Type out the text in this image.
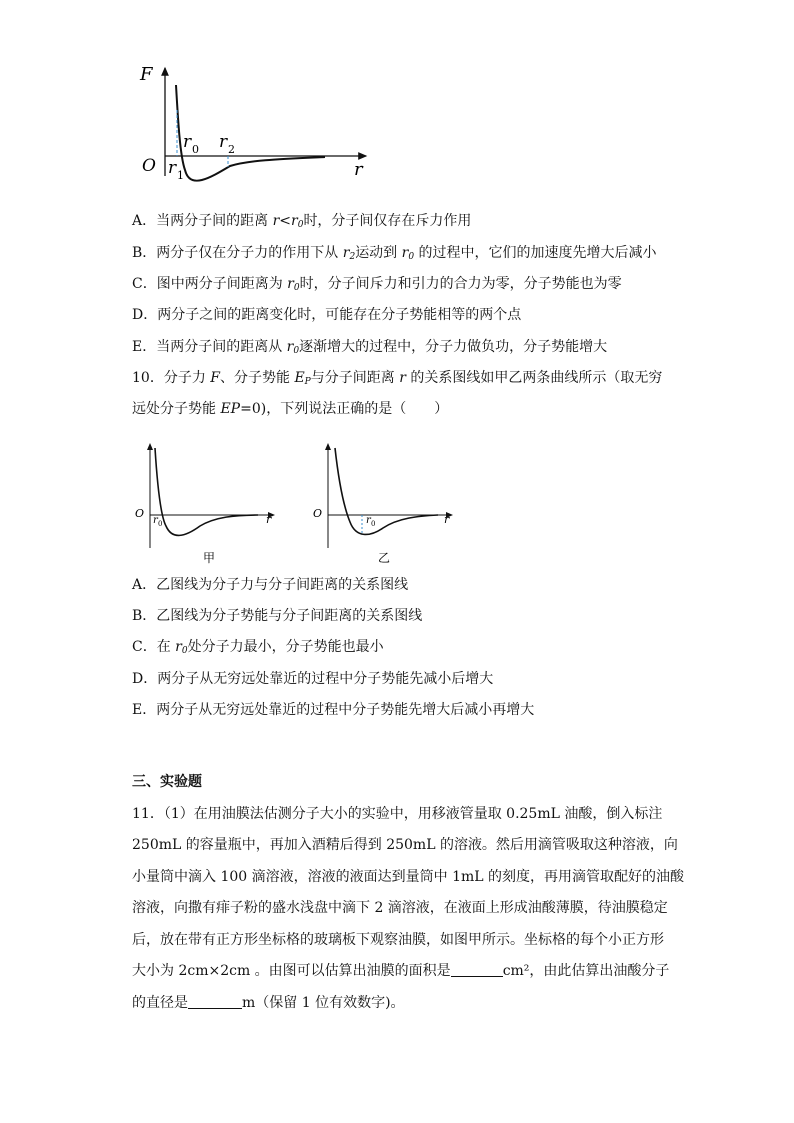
F
r
O
r 0
r 1
r 2
A．当两分子间的距离 $r<r_0$时，分子间仅存在斥力作用
B．两分子仅在分子力的作用下从 $r_2$运动到 $r_0$ 的过程中，它们的加速度先增大后减小
C．图中两分子间距离为 $r_0$时，分子间斥力和引力的合力为零，分子势能也为零
D．两分子之间的距离变化时，可能存在分子势能相等的两个点
E．当两分子间的距离从 $r_0$逐渐增大的过程中，分子力做负功，分子势能增大
10．分子力 F、分子势能 $E_P$与分子间距离 r 的关系图线如甲乙两条曲线所示（取无穷
远处分子势能 EP=0)，下列说法正确的是（　　）
O
r 0	r
甲
O
r 0	r
乙
A．乙图线为分子力与分子间距离的关系图线
B．乙图线为分子势能与分子间距离的关系图线
C．在 $r_0$处分子力最小，分子势能也最小
D．两分子从无穷远处靠近的过程中分子势能先减小后增大
E．两分子从无穷远处靠近的过程中分子势能先增大后减小再增大
三、实验题
11．（1）在用油膜法估测分子大小的实验中，用移液管量取 0.25mL 油酸，倒入标注
250mL 的容量瓶中，再加入酒精后得到 250mL 的溶液。然后用滴管吸取这种溶液，向
小量筒中滴入 100 滴溶液，溶液的液面达到量筒中 1mL 的刻度，再用滴管取配好的油酸
溶液，向撒有痱子粉的盛水浅盘中滴下 2 滴溶液，在液面上形成油酸薄膜，待油膜稳定
后，放在带有正方形坐标格的玻璃板下观察油膜，如图甲所示。坐标格的每个小正方形
大小为 2cm×2cm 。由图可以估算出油膜的面积是	cm²，由此估算出油酸分子
的直径是	m（保留 1 位有效数字)。
